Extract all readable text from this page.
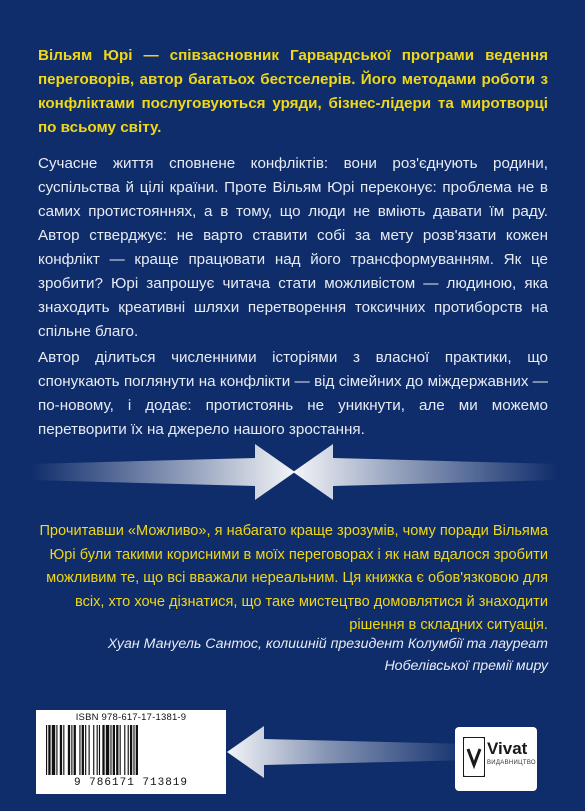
Вільям Юрі — співзасновник Гарвардської програми ведення переговорів, автор багатьох бестселерів. Його методами роботи з конфліктами послуговуються уряди, бізнес-лідери та миротворці по всьому світу.

Сучасне життя сповнене конфліктів: вони роз'єднують родини, суспільства й цілі країни. Проте Вільям Юрі переконує: проблема не в самих протистояннях, а в тому, що люди не вміють давати їм раду. Автор стверджує: не варто ставити собі за мету розв'язати кожен конфлікт — краще працювати над його трансформуванням. Як це зробити? Юрі запрошує читача стати можливістом — людиною, яка знаходить креативні шляхи перетворення токсичних протиборств на спільне благо.

Автор ділиться численними історіями з власної практики, що спонукають поглянути на конфлікти — від сімейних до міждержавних — по-новому, і додає: протистоянь не уникнути, але ми можемо перетворити їх на джерело нашого зростання.

Прочитавши «Можливо», я набагато краще зрозумів, чому поради Вільяма Юрі були такими корисними в моїх переговорах і як нам вдалося зробити можливим те, що всі вважали нереальним. Ця книжка є обов'язковою для всіх, хто хоче дізнатися, що таке мистецтво домовлятися й знаходити рішення в складних ситуація.

Хуан Мануель Сантос, колишній президент Колумбії та лауреат Нобелівської премії миру

ISBN 978-617-17-1381-9
9 786171 713819
Vivat
ВИДАВНИЦТВО
